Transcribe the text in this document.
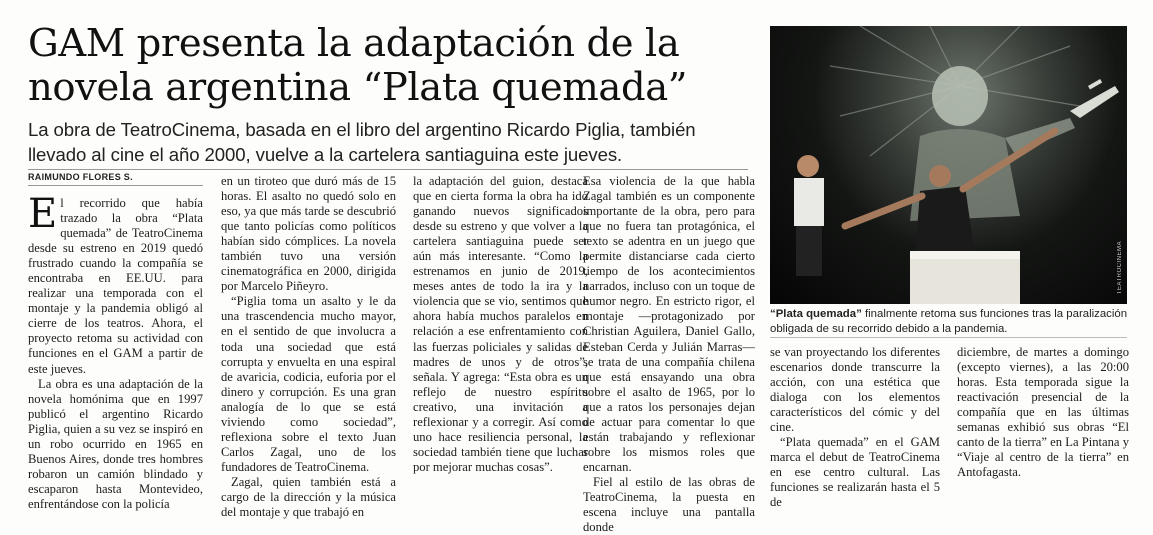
GAM presenta la adaptación de la
novela argentina “Plata quemada”
La obra de TeatroCinema, basada en el libro del argentino Ricardo Piglia, también llevado al cine el año 2000, vuelve a la cartelera santiaguina este jueves.
RAIMUNDO FLORES S.

El recorrido que había trazado la obra “Plata quemada” de TeatroCinema desde su estreno en 2019 quedó frustrado cuando la compañía se encontraba en EE.UU. para realizar una temporada con el montaje y la pandemia obligó al cierre de los teatros. Ahora, el proyecto retoma su actividad con funciones en el GAM a partir de este jueves.

La obra es una adaptación de la novela homónima que en 1997 publicó el argentino Ricardo Piglia, quien a su vez se inspiró en un robo ocurrido en 1965 en Buenos Aires, donde tres hombres robaron un camión blindado y escaparon hasta Montevideo, enfrentándose con la policía

en un tiroteo que duró más de 15 horas. El asalto no quedó solo en eso, ya que más tarde se descubrió que tanto policías como políticos habían sido cómplices. La novela también tuvo una versión cinematográfica en 2000, dirigida por Marcelo Piñeyro.

“Piglia toma un asalto y le da una trascendencia mucho mayor, en el sentido de que involucra a toda una sociedad que está corrupta y envuelta en una espiral de avaricia, codicia, euforia por el dinero y corrupción. Es una gran analogía de lo que se está viviendo como sociedad”, reflexiona sobre el texto Juan Carlos Zagal, uno de los fundadores de TeatroCinema.

Zagal, quien también está a cargo de la dirección y la música del montaje y que trabajó en

la adaptación del guion, destaca que en cierta forma la obra ha ido ganando nuevos significados desde su estreno y que volver a la cartelera santiaguina puede ser aún más interesante. “Como la estrenamos en junio de 2019, meses antes de todo la ira y la violencia que se vio, sentimos que ahora había muchos paralelos en relación a ese enfrentamiento con las fuerzas policiales y salidas de madres de unos y de otros”, señala. Y agrega: “Esta obra es un reflejo de nuestro espíritu creativo, una invitación a reflexionar y a corregir. Así como uno hace resiliencia personal, la sociedad también tiene que luchar por mejorar muchas cosas”.

Esa violencia de la que habla Zagal también es un componente importante de la obra, pero para que no fuera tan protagónica, el texto se adentra en un juego que permite distanciarse cada cierto tiempo de los acontecimientos narrados, incluso con un toque de humor negro. En estricto rigor, el montaje —protagonizado por Christian Aguilera, Daniel Gallo, Esteban Cerda y Julián Marras— se trata de una compañía chilena que está ensayando una obra sobre el asalto de 1965, por lo que a ratos los personajes dejan de actuar para comentar lo que están trabajando y reflexionar sobre los mismos roles que encarnan.

Fiel al estilo de las obras de TeatroCinema, la puesta en escena incluye una pantalla donde

TEATROCINEMA
“Plata quemada” finalmente retoma sus funciones tras la paralización obligada de su recorrido debido a la pandemia.

se van proyectando los diferentes escenarios donde transcurre la acción, con una estética que dialoga con los elementos característicos del cómic y del cine.

“Plata quemada” en el GAM marca el debut de TeatroCinema en ese centro cultural. Las funciones se realizarán hasta el 5 de

diciembre, de martes a domingo (excepto viernes), a las 20:00 horas. Esta temporada sigue la reactivación presencial de la compañía que en las últimas semanas exhibió sus obras “El canto de la tierra” en La Pintana y “Viaje al centro de la tierra” en Antofagasta.
